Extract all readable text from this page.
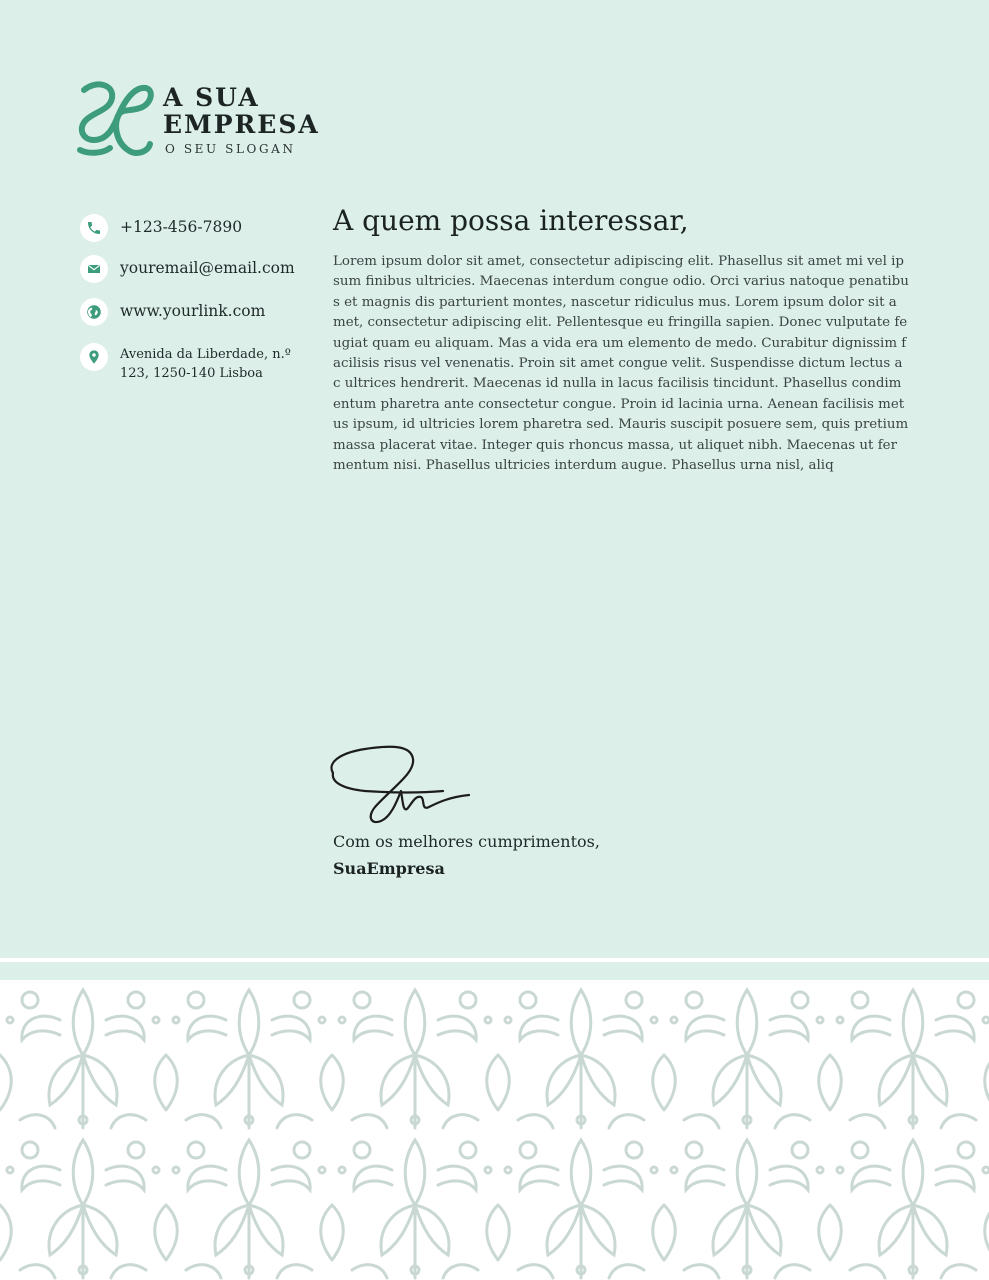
A SUA
EMPRESA
O SEU SLOGAN
+123-456-7890
youremail@email.com
www.yourlink.com
Avenida da Liberdade, n.º 123, 1250-140 Lisboa
A quem possa interessar,
Lorem ipsum dolor sit amet, consectetur adipiscing elit. Phasellus sit amet mi vel ipsum finibus ultricies. Maecenas interdum congue odio. Orci varius natoque penatibus et magnis dis parturient montes, nascetur ridiculus mus. Lorem ipsum dolor sit amet, consectetur adipiscing elit. Pellentesque eu fringilla sapien. Donec vulputate feugiat quam eu aliquam. Mas a vida era um elemento de medo. Curabitur dignissim facilisis risus vel venenatis. Proin sit amet congue velit. Suspendisse dictum lectus ac ultrices hendrerit. Maecenas id nulla in lacus facilisis tincidunt. Phasellus condimentum pharetra ante consectetur congue. Proin id lacinia urna. Aenean facilisis metus ipsum, id ultricies lorem pharetra sed. Mauris suscipit posuere sem, quis pretium massa placerat vitae. Integer quis rhoncus massa, ut aliquet nibh. Maecenas ut fermentum nisi. Phasellus ultricies interdum augue. Phasellus urna nisl, aliq
Com os melhores cumprimentos,
SuaEmpresa
